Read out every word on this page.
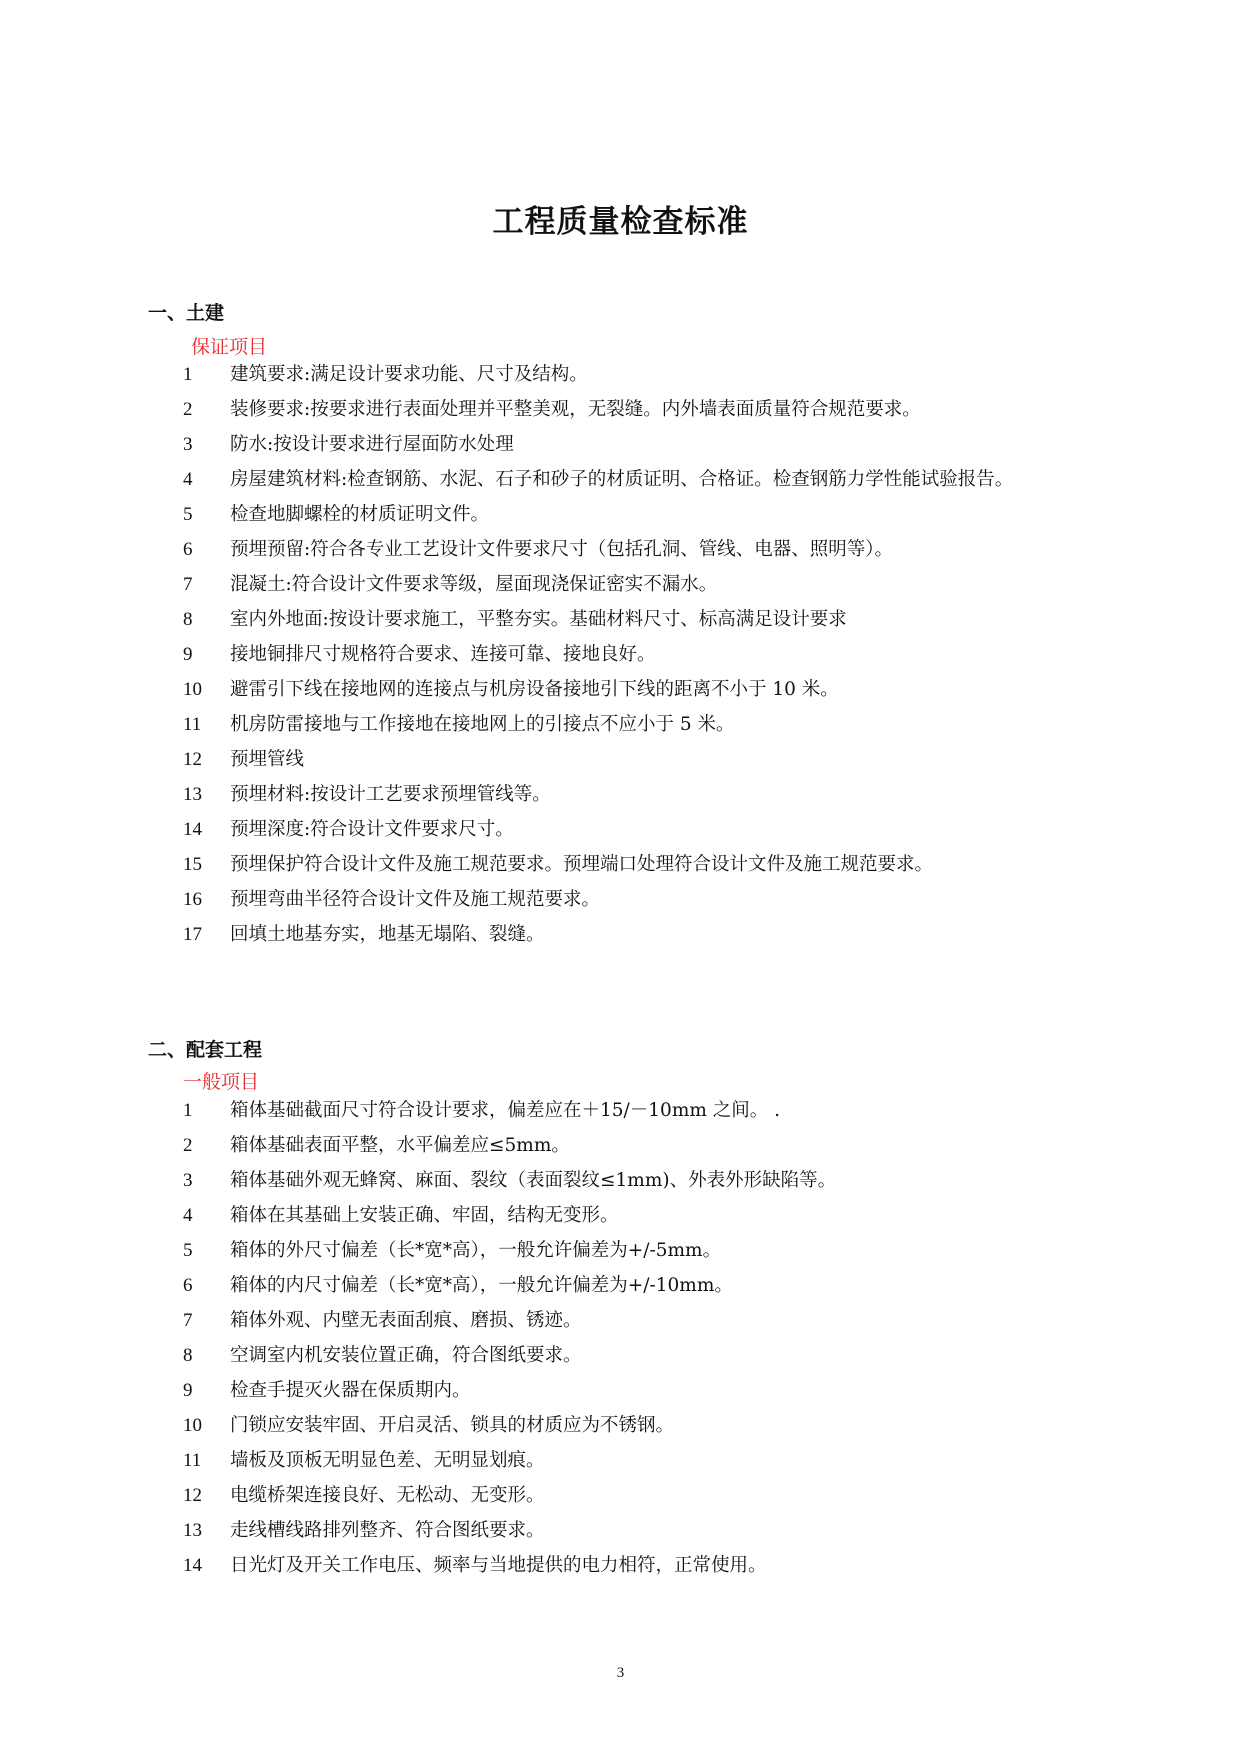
工程质量检查标准
一、土建
保证项目
1	建筑要求:满足设计要求功能、尺寸及结构。
2	装修要求:按要求进行表面处理并平整美观，无裂缝。内外墙表面质量符合规范要求。
3	防水:按设计要求进行屋面防水处理
4	房屋建筑材料:检查钢筋、水泥、石子和砂子的材质证明、合格证。检查钢筋力学性能试验报告。
5	检查地脚螺栓的材质证明文件。
6	预埋预留:符合各专业工艺设计文件要求尺寸（包括孔洞、管线、电器、照明等）。
7	混凝土:符合设计文件要求等级，屋面现浇保证密实不漏水。
8	室内外地面:按设计要求施工，平整夯实。基础材料尺寸、标高满足设计要求
9	接地铜排尺寸规格符合要求、连接可靠、接地良好。
10	避雷引下线在接地网的连接点与机房设备接地引下线的距离不小于 10 米。
11	机房防雷接地与工作接地在接地网上的引接点不应小于 5 米。
12	预埋管线
13	预埋材料:按设计工艺要求预埋管线等。
14	预埋深度:符合设计文件要求尺寸。
15	预埋保护符合设计文件及施工规范要求。预埋端口处理符合设计文件及施工规范要求。
16	预埋弯曲半径符合设计文件及施工规范要求。
17	回填土地基夯实，地基无塌陷、裂缝。
二、配套工程
一般项目
1	箱体基础截面尺寸符合设计要求，偏差应在＋15/－10mm 之间。 .
2	箱体基础表面平整，水平偏差应≤5mm。
3	箱体基础外观无蜂窝、麻面、裂纹（表面裂纹≤1mm)、外表外形缺陷等。
4	箱体在其基础上安装正确、牢固，结构无变形。
5	箱体的外尺寸偏差（长*宽*高），一般允许偏差为+/-5mm。
6	箱体的内尺寸偏差（长*宽*高），一般允许偏差为+/-10mm。
7	箱体外观、内壁无表面刮痕、磨损、锈迹。
8	空调室内机安装位置正确，符合图纸要求。
9	检查手提灭火器在保质期内。
10	门锁应安装牢固、开启灵活、锁具的材质应为不锈钢。
11	墙板及顶板无明显色差、无明显划痕。
12	电缆桥架连接良好、无松动、无变形。
13	走线槽线路排列整齐、符合图纸要求。
14	日光灯及开关工作电压、频率与当地提供的电力相符，正常使用。
3
